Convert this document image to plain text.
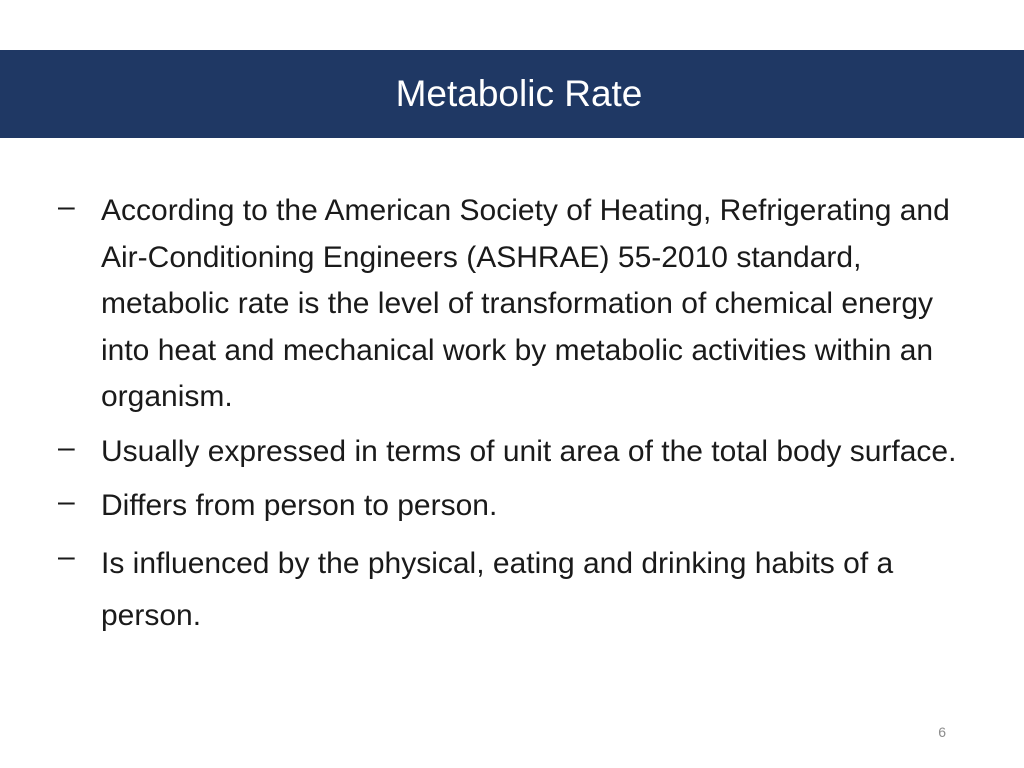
Metabolic Rate
– According to the American Society of Heating, Refrigerating and Air-Conditioning Engineers (ASHRAE) 55-2010 standard, metabolic rate is the level of transformation of chemical energy into heat and mechanical work by metabolic activities within an organism.
– Usually expressed in terms of unit area of the total body surface.
– Differs from person to person.
– Is influenced by the physical, eating and drinking habits of a person.
6
